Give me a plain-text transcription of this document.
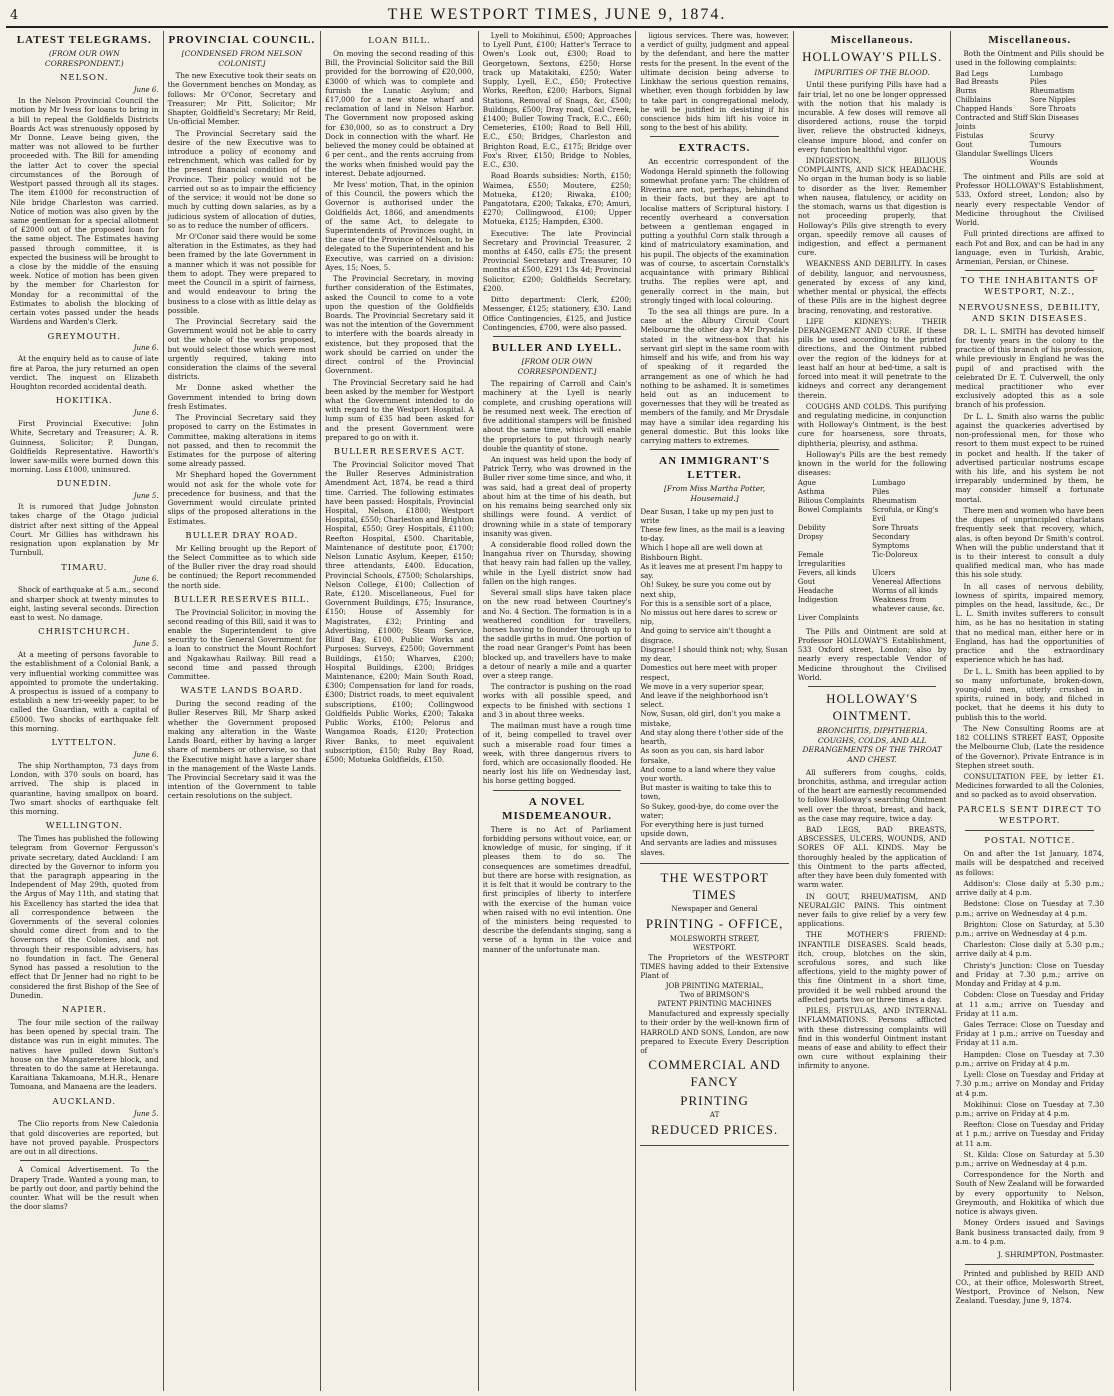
4	THE WESTPORT TIMES, JUNE 9, 1874.
LATEST TELEGRAMS.
(FROM OUR OWN CORRESPONDENT.)
NELSON.
June 6.
In the Nelson Provincial Council the motion by Mr Ivess for loans to bring in a bill to repeal the Goldfields Districts Boards Act was strenuously opposed by Mr Donne. Leave being given, the matter was not allowed to be further proceeded with. The Bill for amending the latter Act to cover the special circumstances of the Borough of Westport passed through all its stages. The item £1000 for reconstruction of Nile bridge Charleston was carried. Notice of motion was also given by the same gentleman for a special allotment of £2000 out of the proposed loan for the same object. The Estimates having passed through committee, it is expected the business will be brought to a close by the middle of the ensuing week. Notice of motion has been given by the member for Charleston for Monday for a recommittal of the Estimates to abolish the blocking of certain votes passed under the heads Wardens and Warden's Clerk.
GREYMOUTH.
June 6.
At the enquiry held as to cause of late fire at Paroa, the jury returned an open verdict. The inquest on Elizabeth Houghton recorded accidental death.
HOKITIKA.
June 6.
First Provincial Executive: John White, Secretary and Treasurer; A. R. Guinness, Solicitor; P. Dungan, Goldfields Representative. Haworth's lower saw-mills were burned down this morning. Loss £1000, uninsured.
DUNEDIN.
June 5.
It is rumored that Judge Johnston takes charge of the Otago judicial district after next sitting of the Appeal Court. Mr Gillies has withdrawn his resignation upon explanation by Mr Turnbull.
TIMARU.
June 6.
Shock of earthquake at 5 a.m., second and sharper shock at twenty minutes to eight, lasting several seconds. Direction east to west. No damage.
CHRISTCHURCH.
June 5.
At a meeting of persons favorable to the establishment of a Colonial Bank, a very influential working committee was appointed to promote the undertaking. A prospectus is issued of a company to establish a new tri-weekly paper, to be called the Guardian, with a capital of £5000. Two shocks of earthquake felt this morning.
LYTTELTON.
June 6.
The ship Northampton, 73 days from London, with 370 souls on board, has arrived. The ship is placed in quarantine, having smallpox on board. Two smart shocks of earthquake felt this morning.
WELLINGTON.
The Times has published the following telegram from Governor Fergusson's private secretary, dated Auckland: I am directed by the Governor to inform you that the paragraph appearing in the Independent of May 29th, quoted from the Argus of May 11th, and stating that his Excellency has started the idea that all correspondence between the Governments of the several colonies should come direct from and to the Governors of the Colonies, and not through their responsible advisers, has no foundation in fact. The General Synod has passed a resolution to the effect that Dr Jenner had no right to be considered the first Bishop of the See of Dunedin.
NAPIER.
The four mile section of the railway has been opened by special train. The distance was run in eight minutes. The natives have pulled down Sutton's house on the Mangateretere block, and threaten to do the same at Heretaunga. Karaitiana Takamoana, M.H.R., Henare Tomoana, and Manaena are the leaders.
AUCKLAND.
June 5.
The Clio reports from New Caledonia that gold discoveries are reported, but have not proved payable. Prospectors are out in all directions.
A Comical Advertisement. To the Drapery Trade. Wanted a young man, to be partly out door, and partly behind the counter. What will be the result when the door slams?
PROVINCIAL COUNCIL.
[CONDENSED FROM NELSON COLONIST.]
The new Executive took their seats on the Government benches on Monday, as follows: Mr O'Conor, Secretary and Treasurer; Mr Pitt, Solicitor; Mr Shapter, Goldfield's Secretary; Mr Reid, Un-official Member.
The Provincial Secretary said the desire of the new Executive was to introduce a policy of economy and retrenchment, which was called for by the present financial condition of the Province. Their policy would not be carried out so as to impair the efficiency of the service; it would not be done so much by cutting down salaries, as by a judicious system of allocation of duties, so as to reduce the number of officers.
Mr O'Conor said there would be some alteration in the Estimates, as they had been framed by the late Government in a manner which it was not possible for them to adopt. They were prepared to meet the Council in a spirit of fairness, and would endeavour to bring the business to a close with as little delay as possible.
The Provincial Secretary said the Government would not be able to carry out the whole of the works proposed, but would select those which were most urgently required, taking into consideration the claims of the several districts.
Mr Donne asked whether the Government intended to bring down fresh Estimates.
The Provincial Secretary said they proposed to carry on the Estimates in Committee, making alterations in items not passed, and then to recommit the Estimates for the purpose of altering some already passed.
Mr Shephard hoped the Government would not ask for the whole vote for precedence for business, and that the Government would circulate printed slips of the proposed alterations in the Estimates.
BULLER DRAY ROAD.
Mr Kelling brought up the Report of the Select Committee as to which side of the Buller river the dray road should be continued; the Report recommended the north side.
BULLER RESERVES BILL.
The Provincial Solicitor, in moving the second reading of this Bill, said it was to enable the Superintendent to give security to the General Government for a loan to construct the Mount Rochfort and Ngakawhau Railway. Bill read a second time and passed through Committee.
WASTE LANDS BOARD.
During the second reading of the Buller Reserves Bill, Mr Sharp asked whether the Government proposed making any alteration in the Waste Lands Board, either by having a larger share of members or otherwise, so that the Executive might have a larger share in the management of the Waste Lands. The Provincial Secretary said it was the intention of the Government to table certain resolutions on the subject.
LOAN BILL.
On moving the second reading of this Bill, the Provincial Solicitor said the Bill provided for the borrowing of £20,000, £3000 of which was to complete and furnish the Lunatic Asylum; and £17,000 for a new stone wharf and reclamation of land in Nelson Harbor. The Government now proposed asking for £30,000, so as to construct a Dry Dock in connection with the wharf. He believed the money could be obtained at 6 per cent., and the rents accruing from the works when finished would pay the interest. Debate adjourned.
Mr Ivess' motion, That, in the opinion of this Council, the powers which the Governor is authorised under the Goldfields Act, 1866, and amendments of the same Act, to delegate to Superintendents of Provinces ought, in the case of the Province of Nelson, to be delegated to the Superintendent and his Executive, was carried on a division: Ayes, 15; Noes, 5.
The Provincial Secretary, in moving further consideration of the Estimates, asked the Council to come to a vote upon the question of the Goldfields Boards. The Provincial Secretary said it was not the intention of the Government to interfere with the boards already in existence, but they proposed that the work should be carried on under the direct control of the Provincial Government.
The Provincial Secretary said he had been asked by the member for Westport what the Government intended to do with regard to the Westport Hospital. A lump sum of £35 had been asked for and the present Government were prepared to go on with it.
BULLER RESERVES ACT.
The Provincial Solicitor moved That the Buller Reserves Administration Amendment Act, 1874, be read a third time. Carried. The following estimates have been passed: Hospitals, Provincial Hospital, Nelson, £1800; Westport Hospital, £550; Charleston and Brighton Hospital, £550; Grey Hospitals, £1100; Reefton Hospital, £500. Charitable, Maintenance of destitute poor, £1700; Nelson Lunatic Asylum, Keeper, £150; three attendants, £400. Education, Provincial Schools, £7500; Scholarships, Nelson College, £100; Collection of Rate, £120. Miscellaneous, Fuel for Government Buildings, £75; Insurance, £150; House of Assembly for Magistrates, £32; Printing and Advertising, £1000; Steam Service, Blind Bay, £100. Public Works and Purposes: Surveys, £2500; Government Buildings, £150; Wharves, £200; Hospital Buildings, £200; Bridges Maintenance, £200; Main South Road, £300; Compensation for land for roads, £300; District roads, to meet equivalent subscriptions, £100; Collingwood Goldfields Public Works, £200; Takaka Public Works, £100; Pelorus and Wangamoa Roads, £120; Protection River Banks, to meet equivalent subscription, £150; Ruby Bay Road, £500; Motueka Goldfields, £150.
Lyell to Mokihinui, £500; Approaches to Lyell Punt, £100; Hatter's Terrace to Owen's Look out, £300; Road to Georgetown, Sextons, £250; Horse track up Matakitaki, £250; Water Supply, Lyell, E.C., £50; Protective Works, Reefton, £200; Harbors, Signal Stations, Removal of Snags, &c, £500; Buildings, £500; Dray road, Coal Creek, £1400; Buller Towing Track, E.C., £60; Cemeteries, £100; Road to Bell Hill, E.C., £50; Bridges, Charleston and Brighton Road, E.C., £175; Bridge over Fox's River, £150; Bridge to Nobles, E.C., £30.
Road Boards subsidies: North, £150; Waimea, £550; Moutere, £250; Motueka, £120; Riwaka, £100; Pangatotara, £200; Takaka, £70; Amuri, £270; Collingwood, £100; Upper Motueka, £125; Hampden, £300.
Executive: The late Provincial Secretary and Provincial Treasurer, 2 months at £450, calls £75; the present Provincial Secretary and Treasurer, 10 months at £500, £291 13s 4d; Provincial Solicitor, £200; Goldfields Secretary, £200.
Ditto department: Clerk, £200; Messenger, £125; stationery, £30. Land Office Contingencies, £125, and Justice Contingencies, £700, were also passed.
BULLER AND LYELL.
[FROM OUR OWN CORRESPONDENT.]
The repairing of Carroll and Cain's machinery at the Lyell is nearly complete, and crushing operations will be resumed next week. The erection of five additional stampers will be finished about the same time, which will enable the proprietors to put through nearly double the quantity of stone.
An inquest was held upon the body of Patrick Terry, who was drowned in the Buller river some time since, and who, it was said, had a great deal of property about him at the time of his death, but on his remains being searched only six shillings were found. A verdict of drowning while in a state of temporary insanity was given.
A considerable flood rolled down the Inangahua river on Thursday, showing that heavy rain had fallen up the valley, while in the Lyell district snow had fallen on the high ranges.
Several small slips have taken place on the new road between Courtney's and No. 4 Section. The formation is in a weathered condition for travellers, horses having to flounder through up to the saddle girths in mud. One portion of the road near Granger's Point has been blocked up, and travellers have to make a detour of nearly a mile and a quarter over a steep range.
The contractor is pushing on the road works with all possible speed, and expects to be finished with sections 1 and 3 in about three weeks.
The mailman must have a rough time of it, being compelled to travel over such a miserable road four times a week, with three dangerous rivers to ford, which are occasionally flooded. He nearly lost his life on Wednesday last, his horse getting bogged.
A NOVEL MISDEMEANOUR.
There is no Act of Parliament forbidding persons without voice, ear, or knowledge of music, for singing, if it pleases them to do so. The consequences are sometimes dreadful, but there are horse with resignation, as it is felt that it would be contrary to the first principles of liberty to interfere with the exercise of the human voice when raised with no evil intention. One of the ministers being requested to describe the defendants singing, sang a verse of a hymn in the voice and manner of the unfortunate man.
ligious services. There was, however, a verdict of guilty, judgment and appeal by the defendant, and here the matter rests for the present. In the event of the ultimate decision being adverse to Linkhaw the serious question remains, whether, even though forbidden by law to take part in congregational melody, he will be justified in desisting if his conscience bids him lift his voice in song to the best of his ability.
EXTRACTS.
An eccentric correspondent of the Wodonga Herald spinneth the following somewhat profane yarn: The children of Riverina are not, perhaps, behindhand in their facts, but they are apt to localise matters of Scriptural history. I recently overheard a conversation between a gentleman engaged in putting a youthful Corn stalk through a kind of matriculatory examination, and his pupil. The objects of the examination was of course, to ascertain Cornstalk's acquaintance with primary Biblical truths. The replies were apt, and generally correct in the main, but strongly tinged with local colouring.
To the sea all things are pure. In a case at the Albury Circuit Court Melbourne the other day a Mr Drysdale stated in the witness-box that his servant girl slept in the same room with himself and his wife, and from his way of speaking of it regarded the arrangement as one of which he had nothing to be ashamed. It is sometimes held out as an inducement to governesses that they will be treated as members of the family, and Mr Drysdale may have a similar idea regarding his general domestic. But this looks like carrying matters to extremes.
AN IMMIGRANT'S LETTER.
[From Miss Martha Potter, Housemaid.]
Dear Susan, I take up my pen just to write
These few lines, as the mail is a leaving to-day.
Which I hope all are well down at Bishbourn Bight.
As it leaves me at present I'm happy to say.
Oh! Sukey, be sure you come out by next ship,
For this is a sensible sort of a place,
No missus out here dares to screw or nip,
And going to service ain't thought a disgrace.
Disgrace! I should think not; why, Susan my dear,
Domestics out here meet with proper respect,
We move in a very superior spear,
And leave if the neighborhood isn't select.
Now, Susan, old girl, don't you make a mistake,
And stay along there t'other side of the hearth,
As soon as you can, sis hard labor forsake,
And come to a land where they value your worth.
But master is waiting to take this to town,
So Sukey, good-bye, do come over the water;
For everything here is just turned upside down,
And servants are ladies and missuses slaves.
THE WESTPORT TIMES
Newspaper and General
PRINTING - OFFICE,
MOLESWORTH STREET,
WESTPORT.
The Proprietors of the WESTPORT TIMES having added to their Extensive Plant of
JOB PRINTING MATERIAL,
Two of BRIMSON'S
PATENT PRINTING MACHINES
Manufactured and expressly specially to their order by the well-known firm of HARROLD AND SONS, London, are now prepared to Execute Every Description of
COMMERCIAL AND FANCY
PRINTING
AT
REDUCED PRICES.
Miscellaneous.
HOLLOWAY'S PILLS.
IMPURITIES OF THE BLOOD.
Until these purifying Pills have had a fair trial, let no one be longer oppressed with the notion that his malady is incurable. A few doses will remove all disordered actions, rouse the torpid liver, relieve the obstructed kidneys, cleanse impure blood, and confer on every function healthful vigor.
INDIGESTION, BILIOUS COMPLAINTS, AND SICK HEADACHE. No organ in the human body is so liable to disorder as the liver. Remember when nausea, flatulency, or acidity on the stomach, warns us that digestion is not proceeding properly, that Holloway's Pills give strength to every organ, speedily remove all causes of indigestion, and effect a permanent cure.
WEAKNESS AND DEBILITY. In cases of debility, languor, and nervousness, generated by excess of any kind, whether mental or physical, the effects of these Pills are in the highest degree bracing, renovating, and restorative.
LIFE KIDNEYS: THEIR DERANGEMENT AND CURE. If these pills be used according to the printed directions, and the Ointment rubbed over the region of the kidneys for at least half an hour at bed-time, a salt is forced into meat it will penetrate to the kidneys and correct any derangement therein.
COUGHS AND COLDS. This purifying and regulating medicine, in conjunction with Holloway's Ointment, is the best cure for hoarseness, sore throats, diphtheria, pleurisy, and asthma.
Holloway's Pills are the best remedy known in the world for the following diseases:
Ague	Lumbago
Asthma	Piles
Bilious Complaints	Rheumatism
Bowel Complaints	Scrofula, or King's Evil
Debility	Sore Throats
Dropsy	Secondary Symptoms
Female Irregularities
Tic-Doloreux
Fevers, all kinds	Ulcers
Gout	Venereal Affections
Headache	Worms of all kinds
Indigestion	Weakness from whatever cause, &c.
Liver Complaints
The Pills and Ointment are sold at Professor HOLLOWAY'S Establishment, 533 Oxford street, London; also by nearly every respectable Vendor of Medicine throughout the Civilised World.
HOLLOWAY'S OINTMENT.
BRONCHITIS, DIPHTHERIA, COUGHS, COLDS, AND ALL DERANGEMENTS OF THE THROAT AND CHEST.
All sufferers from coughs, colds, bronchitis, asthma, and irregular action of the heart are earnestly recommended to follow Holloway's searching Ointment well over the throat, breast, and back, as the case may require, twice a day.
BAD LEGS, BAD BREASTS, ABSCESSES, ULCERS, WOUNDS, AND SORES OF ALL KINDS. May be thoroughly healed by the application of this Ointment to the parts affected, after they have been duly fomented with warm water.
IN GOUT, RHEUMATISM, AND NEURALGIC PAINS. This ointment never fails to give relief by a very few applications.
THE MOTHER'S FRIEND: INFANTILE DISEASES. Scald heads, itch, croup, blotches on the skin, scrofulous sores, and such like affections, yield to the mighty power of this fine Ointment in a short time, provided it be well rubbed around the affected parts two or three times a day.
PILES, FISTULAS, AND INTERNAL INFLAMMATIONS. Persons afflicted with these distressing complaints will find in this wonderful Ointment instant means of ease and ability to effect their own cure without explaining their infirmity to anyone.
Miscellaneous.
Both the Ointment and Pills should be used in the following complaints:
Bad Legs	Lumbago
Bad Breasts	Piles
Burns	Rheumatism
Chilblains	Sore Nipples
Chapped Hands	Sore Throats
Contracted and Stiff Joints
Skin Diseases
Fistulas	Scurvy
Gout	Tumours
Glandular Swellings Ulcers
Wounds
The ointment and Pills are sold at Professor HOLLOWAY'S Establishment, 533, Oxford street, London; also by nearly every respectable Vendor of Medicine throughout the Civilised World.
Full printed directions are affixed to each Pot and Box, and can be had in any language, even in Turkish, Arabic, Armenian, Persian, or Chinese.
TO THE INHABITANTS OF WESTPORT, N.Z.,
NERVOUSNESS, DEBILITY, AND SKIN DISEASES.
DR. L. L. SMITH has devoted himself for twenty years in the colony to the practice of this branch of his profession, while previously in England he was the pupil of and practised with the celebrated Dr E. T. Culverwell, the only medical practitioner who ever exclusively adopted this as a sole branch of his profession.
Dr L. L. Smith also warns the public against the quackeries advertised by non-professional men, for those who resort to them must expect to be ruined in pocket and health. If the taker of advertised particular nostrums escape with his life, and his system be not irreparably undermined by them, he may consider himself a fortunate mortal.
There men and women who have been the dupes of unprincipled charlatans frequently seek that recovery, which, alas, is often beyond Dr Smith's control. When will the public understand that it is to their interest to consult a duly qualified medical man, who has made this his sole study.
In all cases of nervous debility, lowness of spirits, impaired memory, pimples on the head, lassitude, &c., Dr L. L. Smith invites sufferers to consult him, as he has no hesitation in stating that no medical man, either here or in England, has had the opportunities of practice and the extraordinary experience which he has had.
Dr L. L. Smith has been applied to by so many unfortunate, broken-down, young-old men, utterly crushed in spirits, ruined in body, and filched in pocket, that he deems it his duty to publish this to the world.
The New Consulting Rooms are at 182 COLLINS STREET EAST, Opposite the Melbourne Club, (Late the residence of the Governor). Private Entrance is in Stephen street south.
CONSULTATION FEE, by letter £1. Medicines forwarded to all the Colonies, and so packed as to avoid observation.
PARCELS SENT DIRECT TO WESTPORT.
POSTAL NOTICE.
On and after the 1st January, 1874, mails will be despatched and received as follows:
Addison's: Close daily at 5.30 p.m.; arrive daily at 4 p.m.
Bedstone: Close on Tuesday at 7.30 p.m.; arrive on Wednesday at 4 p.m.
Brighton: Close on Saturday, at 5.30 p.m.; arrive on Wednesday at 4 p.m.
Charleston: Close daily at 5.30 p.m.; arrive daily at 4 p.m.
Christy's Junction: Close on Tuesday and Friday at 7.30 p.m.; arrive on Monday and Friday at 4 p.m.
Cobden: Close on Tuesday and Friday at 11 a.m.; arrive on Tuesday and Friday at 11 a.m.
Gales Terrace: Close on Tuesday and Friday at 1 p.m.; arrive on Tuesday and Friday at 11 a.m.
Hampden: Close on Tuesday at 7.30 p.m.; arrive on Friday at 4 p.m.
Lyell: Close on Tuesday and Friday at 7.30 p.m.; arrive on Monday and Friday at 4 p.m.
Mokihinui: Close on Tuesday at 7.30 p.m.; arrive on Friday at 4 p.m.
Reefton: Close on Tuesday and Friday at 1 p.m.; arrive on Tuesday and Friday at 11 a.m.
St. Kilda: Close on Saturday at 5.30 p.m.; arrive on Wednesday at 4 p.m.
Correspondence for the North and South of New Zealand will be forwarded by every opportunity to Nelson, Greymouth, and Hokitika of which due notice is always given.
Money Orders issued and Savings Bank business transacted daily, from 9 a.m. to 4 p.m.
J. SHRIMPTON, Postmaster.
Printed and published by REID AND CO., at their office, Molesworth Street, Westport, Province of Nelson, New Zealand. Tuesday, June 9, 1874.
